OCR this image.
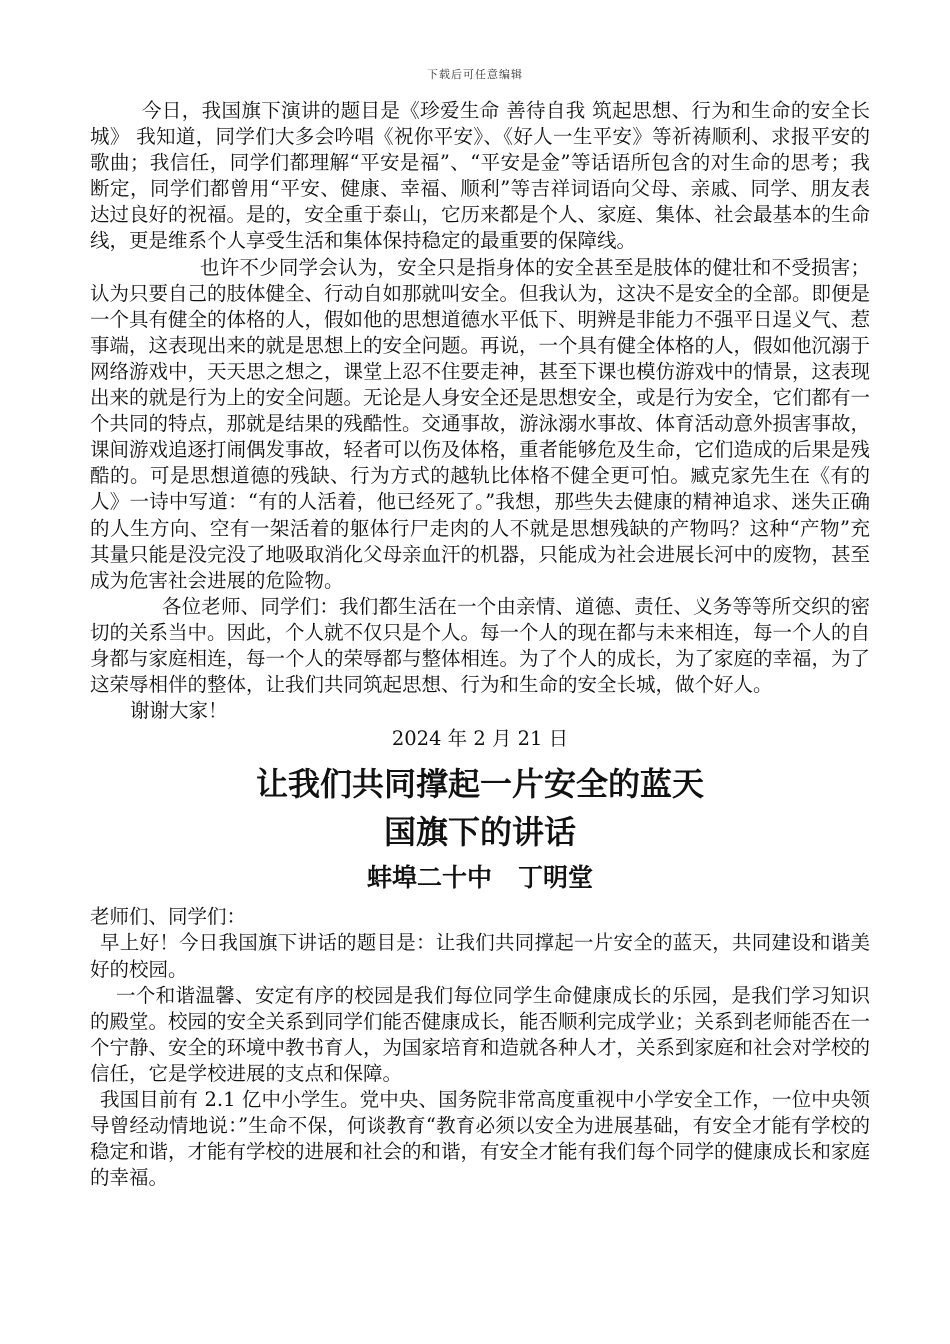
下载后可任意编辑

今日，我国旗下演讲的题目是《珍爱生命 善待自我 筑起思想、行为和生命的安全长城》 我知道，同学们大多会吟唱《祝你平安》、《好人一生平安》等祈祷顺利、求报平安的歌曲；我信任，同学们都理解“平安是福”、“平安是金”等话语所包含的对生命的思考；我断定，同学们都曾用“平安、健康、幸福、顺利”等吉祥词语向父母、亲戚、同学、朋友表达过良好的祝福。是的，安全重于泰山，它历来都是个人、家庭、集体、社会最基本的生命线，更是维系个人享受生活和集体保持稳定的最重要的保障线。

也许不少同学会认为，安全只是指身体的安全甚至是肢体的健壮和不受损害；认为只要自己的肢体健全、行动自如那就叫安全。但我认为，这决不是安全的全部。即便是一个具有健全的体格的人，假如他的思想道德水平低下、明辨是非能力不强平日逞义气、惹事端，这表现出来的就是思想上的安全问题。再说，一个具有健全体格的人，假如他沉溺于网络游戏中，天天思之想之，课堂上忍不住要走神，甚至下课也模仿游戏中的情景，这表现出来的就是行为上的安全问题。无论是人身安全还是思想安全，或是行为安全，它们都有一个共同的特点，那就是结果的残酷性。交通事故，游泳溺水事故、体育活动意外损害事故，课间游戏追逐打闹偶发事故，轻者可以伤及体格，重者能够危及生命，它们造成的后果是残酷的。可是思想道德的残缺、行为方式的越轨比体格不健全更可怕。臧克家先生在《有的人》一诗中写道：“有的人活着，他已经死了。”我想，那些失去健康的精神追求、迷失正确的人生方向、空有一架活着的躯体行尸走肉的人不就是思想残缺的产物吗？这种“产物”充其量只能是没完没了地吸取消化父母亲血汗的机器，只能成为社会进展长河中的废物，甚至成为危害社会进展的危险物。

各位老师、同学们：我们都生活在一个由亲情、道德、责任、义务等等所交织的密切的关系当中。因此，个人就不仅只是个人。每一个人的现在都与未来相连，每一个人的自身都与家庭相连，每一个人的荣辱都与整体相连。为了个人的成长，为了家庭的幸福，为了这荣辱相伴的整体，让我们共同筑起思想、行为和生命的安全长城，做个好人。

谢谢大家！

2024 年 2 月 21 日

让我们共同撑起一片安全的蓝天

国旗下的讲话

蚌埠二十中   丁明堂

老师们、同学们：

早上好！今日我国旗下讲话的题目是：让我们共同撑起一片安全的蓝天，共同建设和谐美好的校园。

一个和谐温馨、安定有序的校园是我们每位同学生命健康成长的乐园，是我们学习知识的殿堂。校园的安全关系到同学们能否健康成长，能否顺利完成学业；关系到老师能否在一个宁静、安全的环境中教书育人，为国家培育和造就各种人才，关系到家庭和社会对学校的信任，它是学校进展的支点和保障。

我国目前有 2.1 亿中小学生。党中央、国务院非常高度重视中小学安全工作，一位中央领导曾经动情地说：”生命不保，何谈教育“教育必须以安全为进展基础，有安全才能有学校的稳定和谐，才能有学校的进展和社会的和谐，有安全才能有我们每个同学的健康成长和家庭的幸福。
